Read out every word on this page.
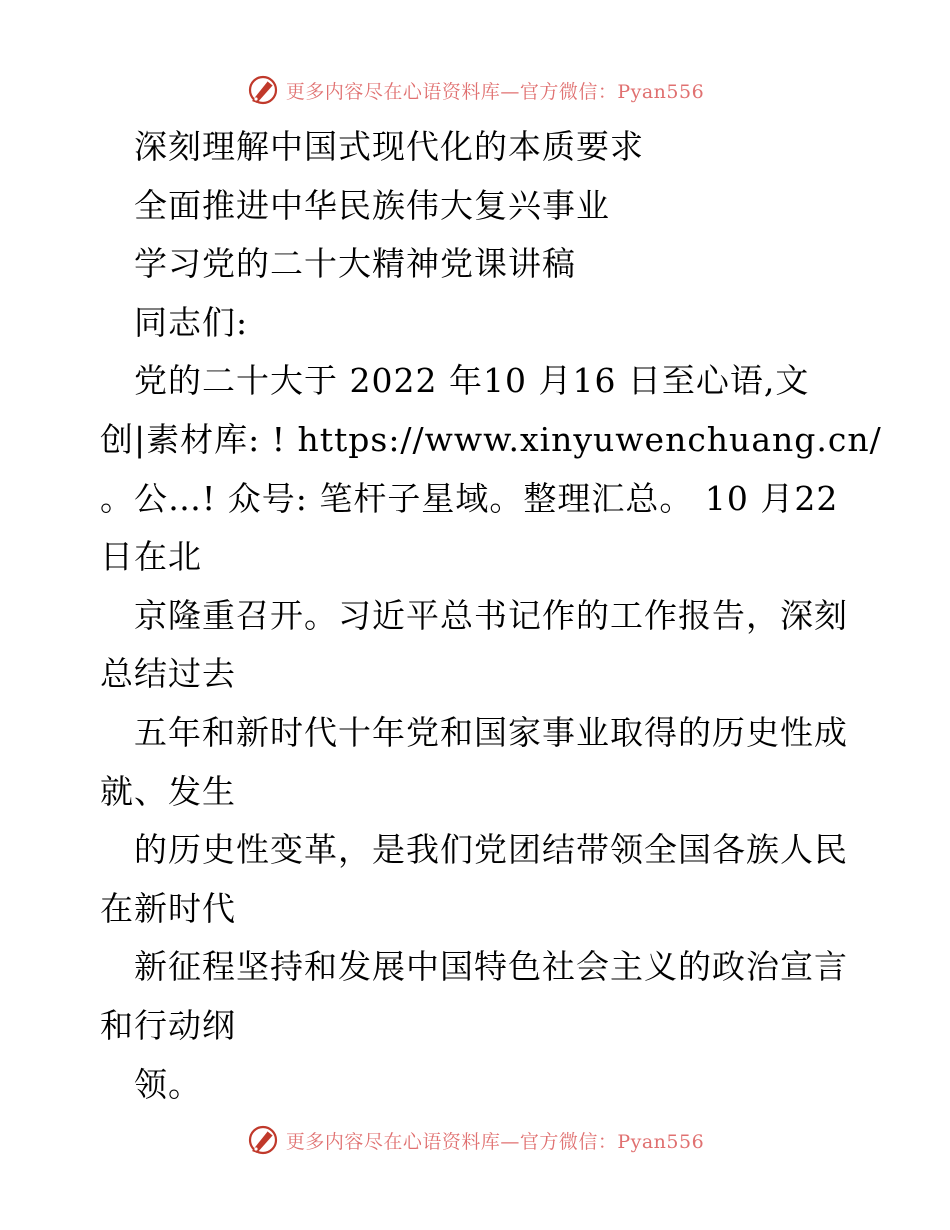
更多内容尽在心语资料库—官方微信：Pyan556
深刻理解中国式现代化的本质要求
全面推进中华民族伟大复兴事业
学习党的二十大精神党课讲稿
同志们:
党的二十大于 2022 年10 月16 日至心语,文
创|素材库: ! https://www.xinyuwenchuang.cn/
。公…! 众号: 笔杆子星域。整理汇总。 10 月22
日在北
京隆重召开。习近平总书记作的工作报告，深刻
总结过去
五年和新时代十年党和国家事业取得的历史性成
就、发生
的历史性变革，是我们党团结带领全国各族人民
在新时代
新征程坚持和发展中国特色社会主义的政治宣言
和行动纲
领。
更多内容尽在心语资料库—官方微信：Pyan556
